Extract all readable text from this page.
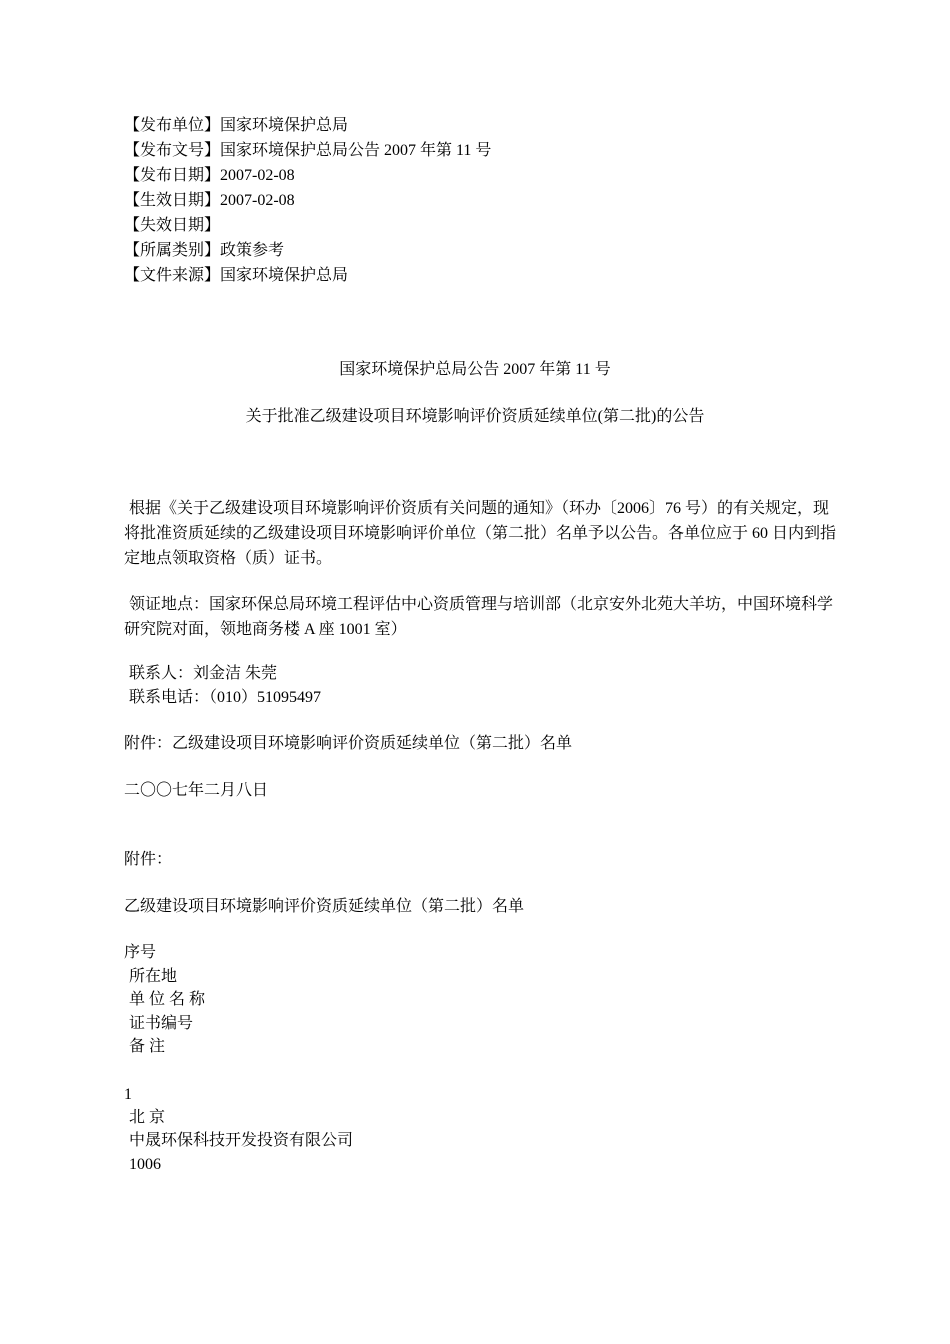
【发布单位】国家环境保护总局
【发布文号】国家环境保护总局公告 2007 年第 11 号
【发布日期】2007-02-08
【生效日期】2007-02-08
【失效日期】
【所属类别】政策参考
【文件来源】国家环境保护总局
国家环境保护总局公告 2007 年第 11 号
关于批准乙级建设项目环境影响评价资质延续单位(第二批)的公告
根据《关于乙级建设项目环境影响评价资质有关问题的通知》（环办〔2006〕76 号）的有关规定，现将批准资质延续的乙级建设项目环境影响评价单位（第二批）名单予以公告。各单位应于 60 日内到指定地点领取资格（质）证书。
领证地点：国家环保总局环境工程评估中心资质管理与培训部（北京安外北苑大羊坊，中国环境科学研究院对面，领地商务楼 A 座 1001 室）
联系人：刘金洁 朱莞
联系电话：（010）51095497
附件：乙级建设项目环境影响评价资质延续单位（第二批）名单
二〇〇七年二月八日
附件：
乙级建设项目环境影响评价资质延续单位（第二批）名单
序号
所在地
单 位 名 称
证书编号
备 注
1
北 京
中晟环保科技开发投资有限公司
1006
